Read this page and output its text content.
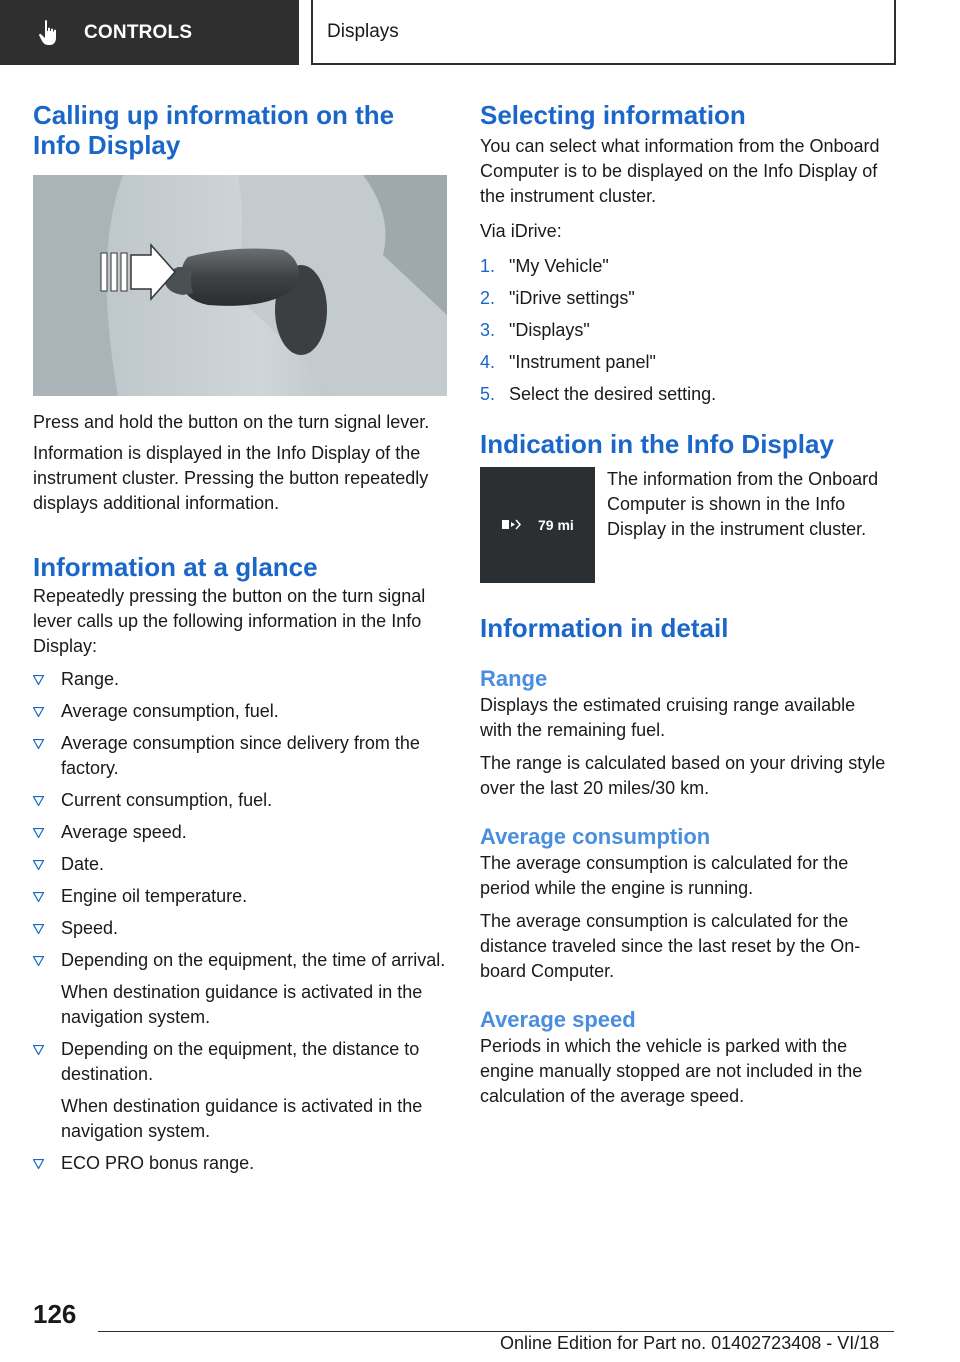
CONTROLS	Displays
Calling up information on the Info Display

Press and hold the button on the turn signal lever.

Information is displayed in the Info Display of the instrument cluster. Pressing the button repeatedly displays additional information.

Information at a glance

Repeatedly pressing the button on the turn signal lever calls up the following information in the Info Display:

Range.
Average consumption, fuel.
Average consumption since delivery from the factory.
Current consumption, fuel.
Average speed.
Date.
Engine oil temperature.
Speed.
Depending on the equipment, the time of arrival.
When destination guidance is activated in the navigation system.
Depending on the equipment, the distance to destination.
When destination guidance is activated in the navigation system.
ECO PRO bonus range.
Selecting information

You can select what information from the Onboard Computer is to be displayed on the Info Display of the instrument cluster.

Via iDrive:

1. "My Vehicle"
2. "iDrive settings"
3. "Displays"
4. "Instrument panel"
5. Select the desired setting.
Indication in the Info Display
79 mi

The information from the Onboard Computer is shown in the Info Display in the instrument cluster.

Information in detail
Range

Displays the estimated cruising range available with the remaining fuel.

The range is calculated based on your driving style over the last 20 miles/30 km.

Average consumption

The average consumption is calculated for the period while the engine is running.

The average consumption is calculated for the distance traveled since the last reset by the Onboard Computer.

Average speed

Periods in which the vehicle is parked with the engine manually stopped are not included in the calculation of the average speed.

126
Online Edition for Part no. 01402723408 - VI/18
